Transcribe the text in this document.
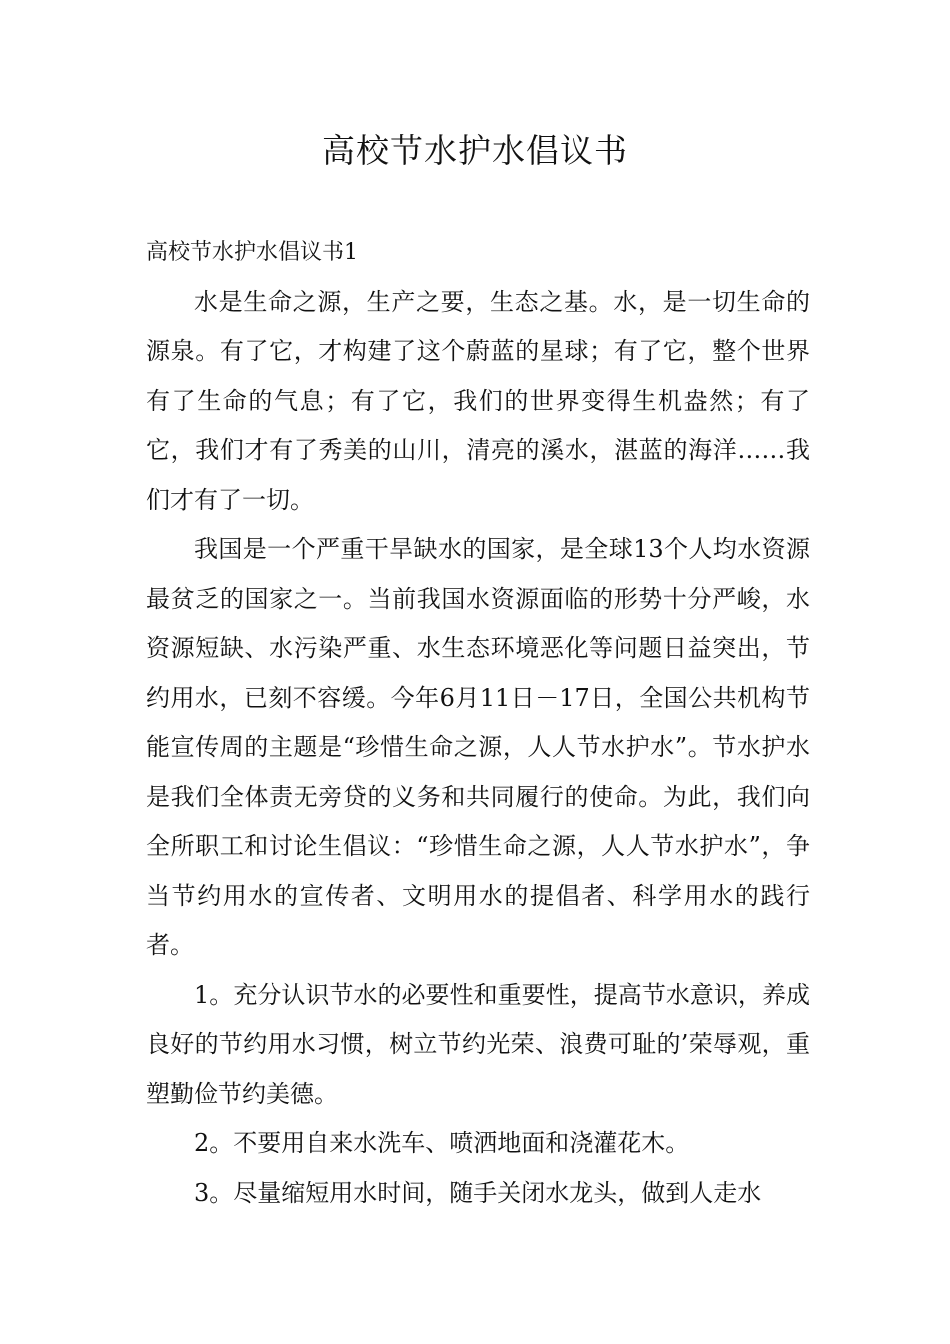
高校节水护水倡议书

高校节水护水倡议书1

水是生命之源，生产之要，生态之基。水，是一切生命的源泉。有了它，才构建了这个蔚蓝的星球；有了它，整个世界有了生命的气息；有了它，我们的世界变得生机盎然；有了它，我们才有了秀美的山川，清亮的溪水，湛蓝的海洋……我们才有了一切。

我国是一个严重干旱缺水的国家，是全球13个人均水资源最贫乏的国家之一。当前我国水资源面临的形势十分严峻，水资源短缺、水污染严重、水生态环境恶化等问题日益突出，节约用水，已刻不容缓。今年6月11日－17日，全国公共机构节能宣传周的主题是“珍惜生命之源，人人节水护水”。节水护水是我们全体责无旁贷的义务和共同履行的使命。为此，我们向全所职工和讨论生倡议：“珍惜生命之源，人人节水护水”，争当节约用水的宣传者、文明用水的提倡者、科学用水的践行者。

1。充分认识节水的必要性和重要性，提高节水意识，养成良好的节约用水习惯，树立节约光荣、浪费可耻的’荣辱观，重塑勤俭节约美德。

2。不要用自来水洗车、喷洒地面和浇灌花木。

3。尽量缩短用水时间，随手关闭水龙头，做到人走水
